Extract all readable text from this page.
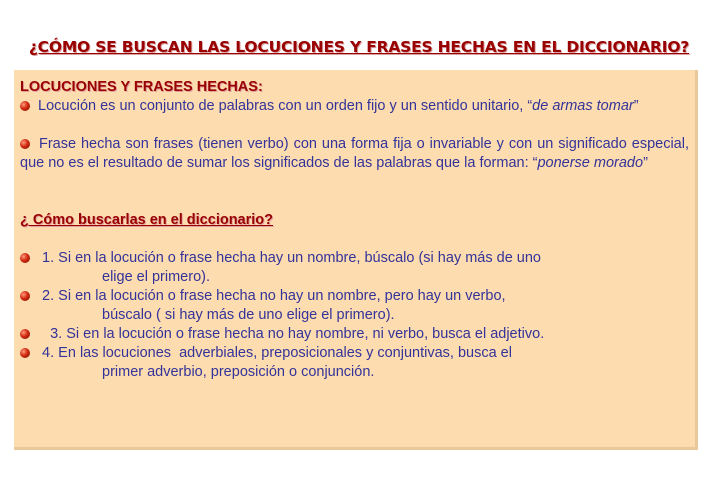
¿CÓMO SE BUSCAN LAS LOCUCIONES Y FRASES HECHAS EN EL DICCIONARIO?

LOCUCIONES Y FRASES HECHAS:

Locución es un conjunto de palabras con un orden fijo y un sentido unitario, “de armas tomar”

Frase hecha son frases (tienen verbo) con una forma fija o invariable y con un significado especial, que no es el resultado de sumar los significados de las palabras que la forman: “ponerse morado”

¿ Cómo buscarlas en el diccionario?

1. Si en la locución o frase hecha hay un nombre, búscalo (si hay más de uno

elige el primero).

2. Si en la locución o frase hecha no hay un nombre, pero hay un verbo,

búscalo ( si hay más de uno elige el primero).

3. Si en la locución o frase hecha no hay nombre, ni verbo, busca el adjetivo.

4. En las locuciones  adverbiales, preposicionales y conjuntivas, busca el

primer adverbio, preposición o conjunción.
